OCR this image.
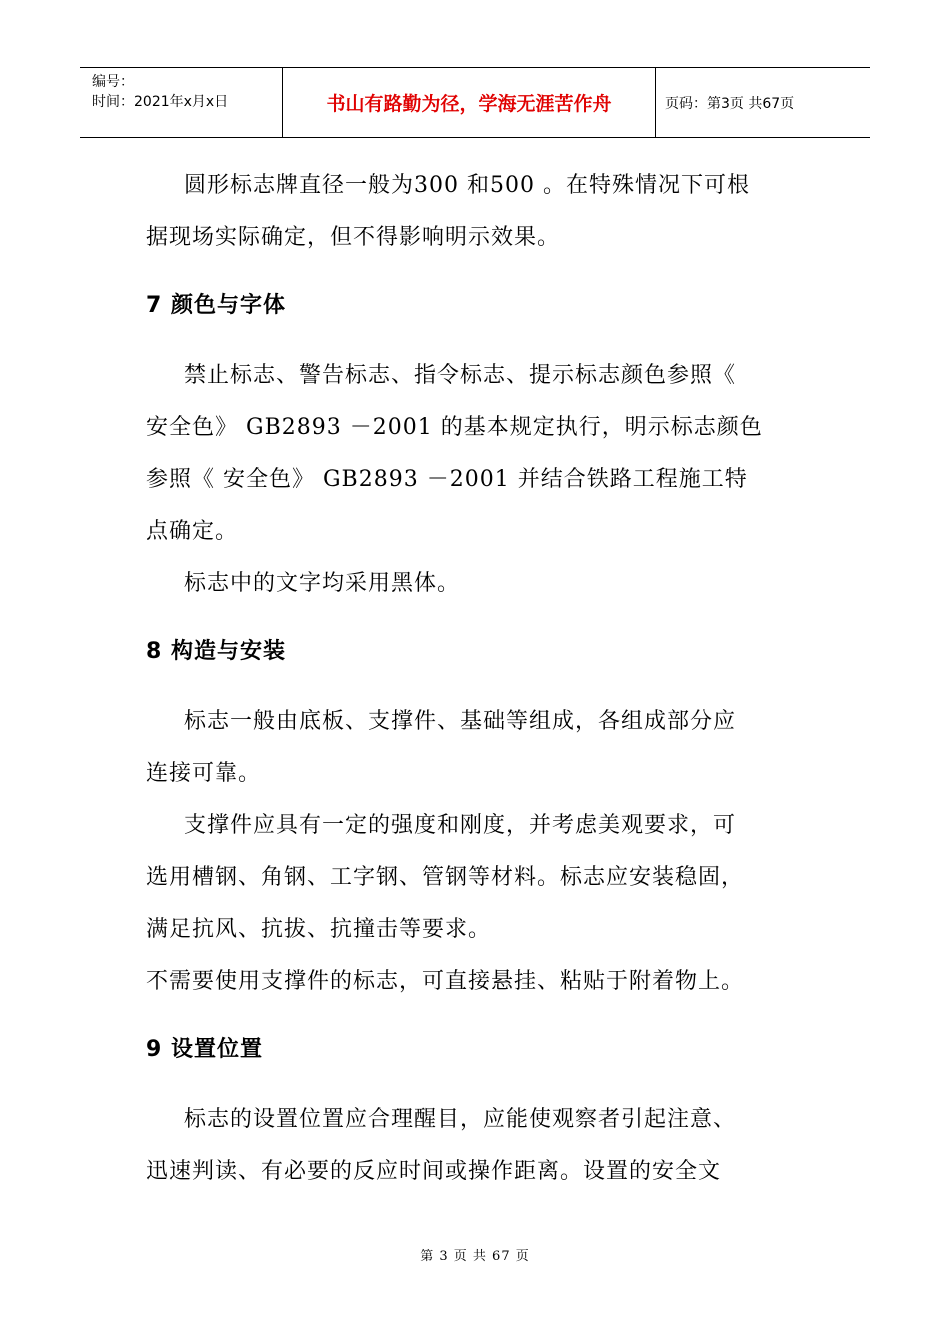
编号：
时间：2021年x月x日	书山有路勤为径，学海无涯苦作舟	页码：第3页 共67页

圆形标志牌直径一般为300 和500 。在特殊情况下可根

据现场实际确定，但不得影响明示效果。

7 颜色与字体

禁止标志、警告标志、指令标志、提示标志颜色参照《

安全色》 GB2893 －2001 的基本规定执行，明示标志颜色

参照《 安全色》 GB2893 －2001 并结合铁路工程施工特

点确定。

标志中的文字均采用黑体。

8 构造与安装

标志一般由底板、支撑件、基础等组成，各组成部分应

连接可靠。

支撑件应具有一定的强度和刚度，并考虑美观要求，可

选用槽钢、角钢、工字钢、管钢等材料。标志应安装稳固，

满足抗风、抗拔、抗撞击等要求。

不需要使用支撑件的标志，可直接悬挂、粘贴于附着物上。

9 设置位置

标志的设置位置应合理醒目，应能使观察者引起注意、

迅速判读、有必要的反应时间或操作距离。设置的安全文

第 3 页 共 67 页
